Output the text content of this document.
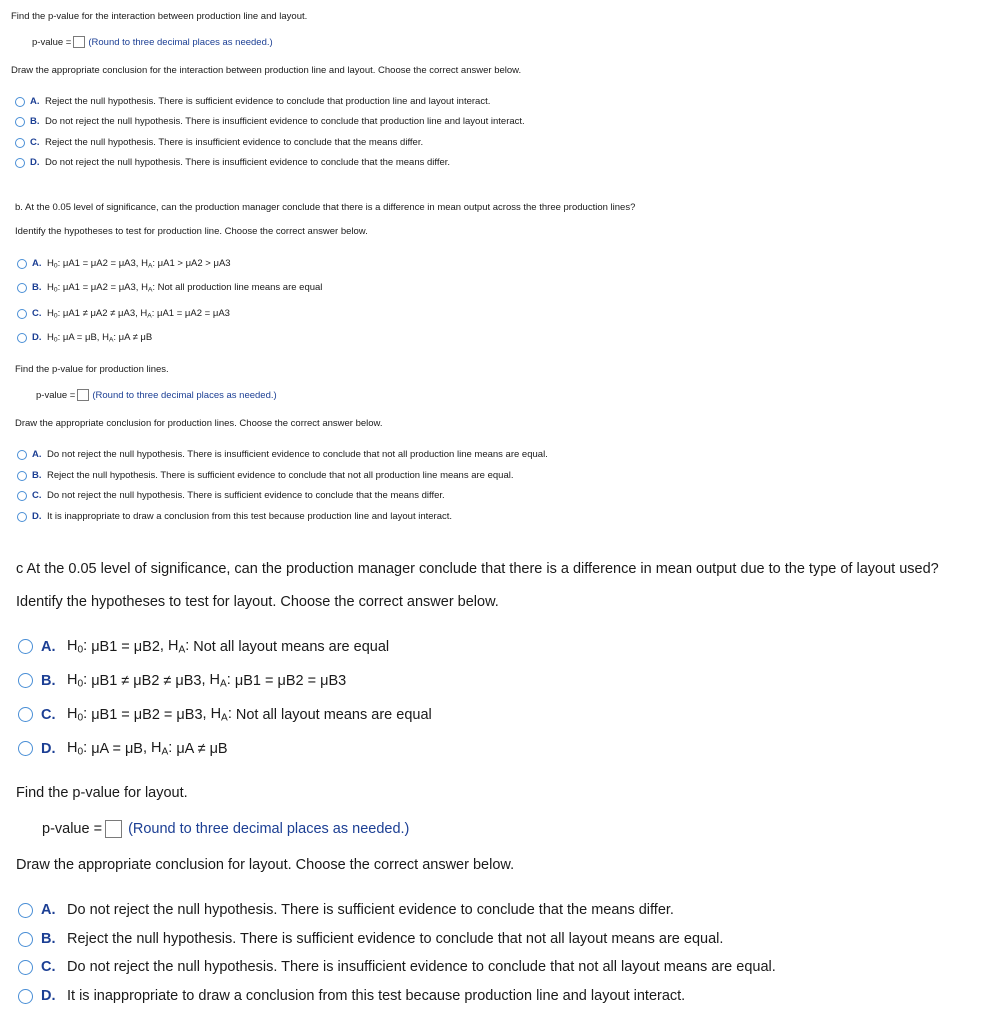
Find the p-value for the interaction between production line and layout.
p-value = (Round to three decimal places as needed.)
Draw the appropriate conclusion for the interaction between production line and layout. Choose the correct answer below.
A. Reject the null hypothesis. There is sufficient evidence to conclude that production line and layout interact.
B. Do not reject the null hypothesis. There is insufficient evidence to conclude that production line and layout interact.
C. Reject the null hypothesis. There is insufficient evidence to conclude that the means differ.
D. Do not reject the null hypothesis. There is insufficient evidence to conclude that the means differ.
b. At the 0.05 level of significance, can the production manager conclude that there is a difference in mean output across the three production lines?
Identify the hypotheses to test for production line. Choose the correct answer below.
A. $H_0$: μA1 = μA2 = μA3 , $H_A$: μA1 > μA2 > μA3
B. $H_0$: μA1 = μA2 = μA3 , $H_A$: Not all production line means are equal
C. $H_0$: μA1 ≠ μA2 ≠ μA3 , $H_A$: μA1 = μA2 = μA3
D. $H_0$: μA = μB , $H_A$: μA ≠ μB
Find the p-value for production lines.
p-value = (Round to three decimal places as needed.)
Draw the appropriate conclusion for production lines. Choose the correct answer below.
A. Do not reject the null hypothesis. There is insufficient evidence to conclude that not all production line means are equal.
B. Reject the null hypothesis. There is sufficient evidence to conclude that not all production line means are equal.
C. Do not reject the null hypothesis. There is sufficient evidence to conclude that the means differ.
D. It is inappropriate to draw a conclusion from this test because production line and layout interact.
c At the 0.05 level of significance, can the production manager conclude that there is a difference in mean output due to the type of layout used?
Identify the hypotheses to test for layout. Choose the correct answer below.
A. $H_0$: μB1 = μB2 , $H_A$: Not all layout means are equal
B. $H_0$: μB1 ≠ μB2 ≠ μB3 , $H_A$: μB1 = μB2 = μB3
C. $H_0$: μB1 = μB2 = μB3 , $H_A$: Not all layout means are equal
D. $H_0$: μA = μB , $H_A$: μA ≠ μB
Find the p-value for layout.
p-value = (Round to three decimal places as needed.)
Draw the appropriate conclusion for layout. Choose the correct answer below.
A. Do not reject the null hypothesis. There is sufficient evidence to conclude that the means differ.
B. Reject the null hypothesis. There is sufficient evidence to conclude that not all layout means are equal.
C. Do not reject the null hypothesis. There is insufficient evidence to conclude that not all layout means are equal.
D. It is inappropriate to draw a conclusion from this test because production line and layout interact.
